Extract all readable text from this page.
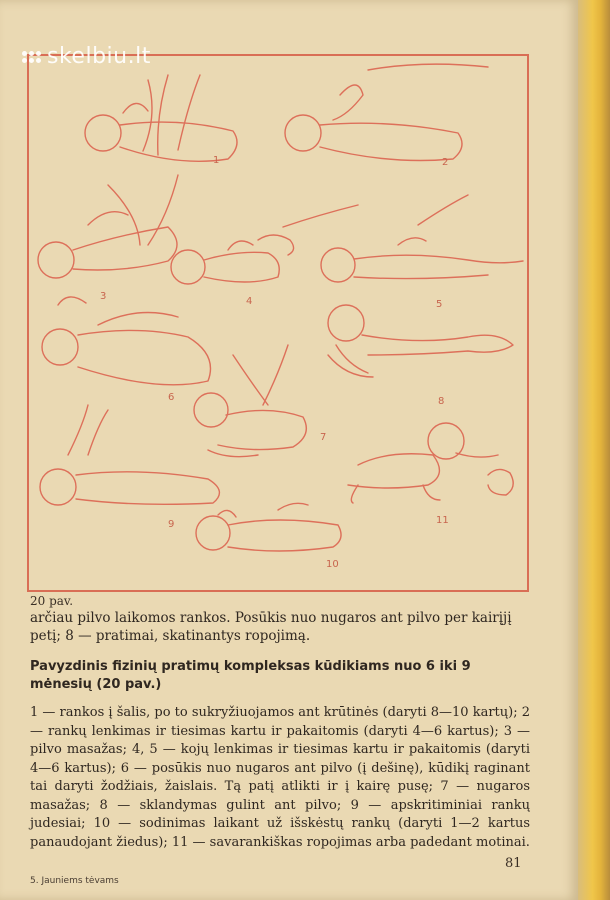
1	2
3	4	5
6
7
8
9
10
11
skelbiu.lt
20 pav.
arčiau pilvo laikomos rankos. Posūkis nuo nugaros ant pilvo per kairįjį petį; 8 — pratimai, skatinantys ropojimą.
Pavyzdinis fizinių pratimų kompleksas kūdikiams nuo 6 iki 9 mėnesių (20 pav.)
1 — rankos į šalis, po to sukryžiuojamos ant krūtinės (daryti 8—10 kartų); 2 — rankų lenkimas ir tiesimas kartu ir pakaitomis (daryti 4—6 kartus); 3 — pilvo masažas; 4, 5 — kojų lenkimas ir tiesimas kartu ir pakaitomis (daryti 4—6 kartus); 6 — posūkis nuo nugaros ant pilvo (į dešinę), kūdikį raginant tai daryti žodžiais, žaislais. Tą patį atlikti ir į kairę pusę; 7 — nugaros masažas; 8 — sklandymas gulint ant pilvo; 9 — apskritiminiai rankų judesiai; 10 — sodinimas laikant už išskėstų rankų (daryti 1—2 kartus panaudojant žiedus); 11 — savarankiškas ropojimas arba padedant motinai.
81
5. Jauniems tėvams
